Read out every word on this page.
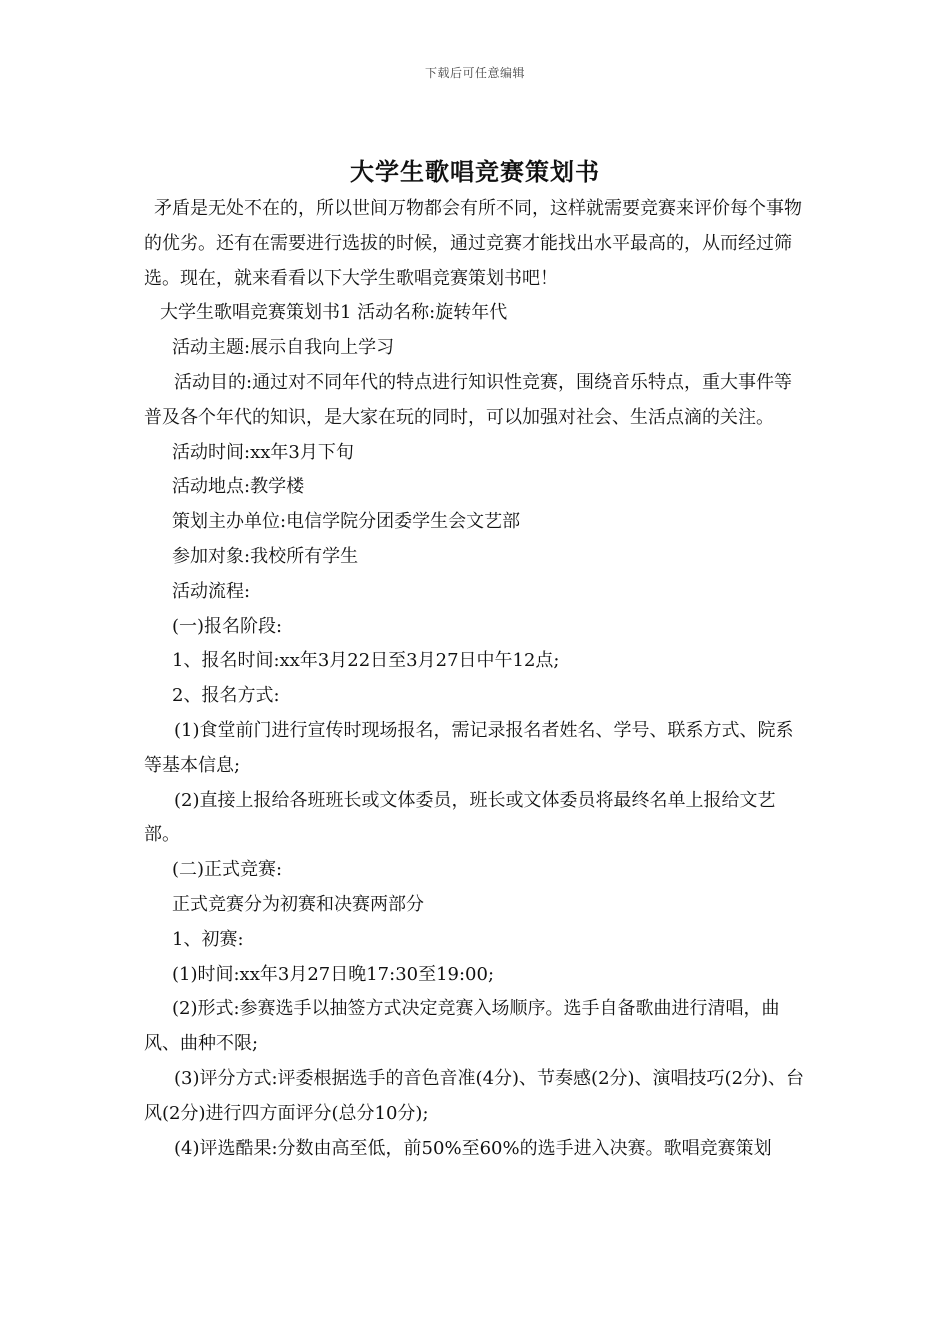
下载后可任意编辑
大学生歌唱竞赛策划书

矛盾是无处不在的，所以世间万物都会有所不同，这样就需要竞赛来评价每个事物的优劣。还有在需要进行选拔的时候，通过竞赛才能找出水平最高的，从而经过筛选。现在，就来看看以下大学生歌唱竞赛策划书吧！

大学生歌唱竞赛策划书1 活动名称:旋转年代

活动主题:展示自我向上学习

活动目的:通过对不同年代的特点进行知识性竞赛，围绕音乐特点，重大事件等普及各个年代的知识，是大家在玩的同时，可以加强对社会、生活点滴的关注。

活动时间:xx年3月下旬

活动地点:教学楼

策划主办单位:电信学院分团委学生会文艺部

参加对象:我校所有学生

活动流程:

(一)报名阶段:

1、报名时间:xx年3月22日至3月27日中午12点;

2、报名方式:

(1)食堂前门进行宣传时现场报名，需记录报名者姓名、学号、联系方式、院系等基本信息;

(2)直接上报给各班班长或文体委员，班长或文体委员将最终名单上报给文艺部。

(二)正式竞赛:

正式竞赛分为初赛和决赛两部分

1、初赛:

(1)时间:xx年3月27日晚17:30至19:00;

(2)形式:参赛选手以抽签方式决定竞赛入场顺序。选手自备歌曲进行清唱，曲风、曲种不限;

(3)评分方式:评委根据选手的音色音准(4分)、节奏感(2分)、演唱技巧(2分)、台风(2分)进行四方面评分(总分10分);

(4)评选酷果:分数由高至低，前50%至60%的选手进入决赛。歌唱竞赛策划
